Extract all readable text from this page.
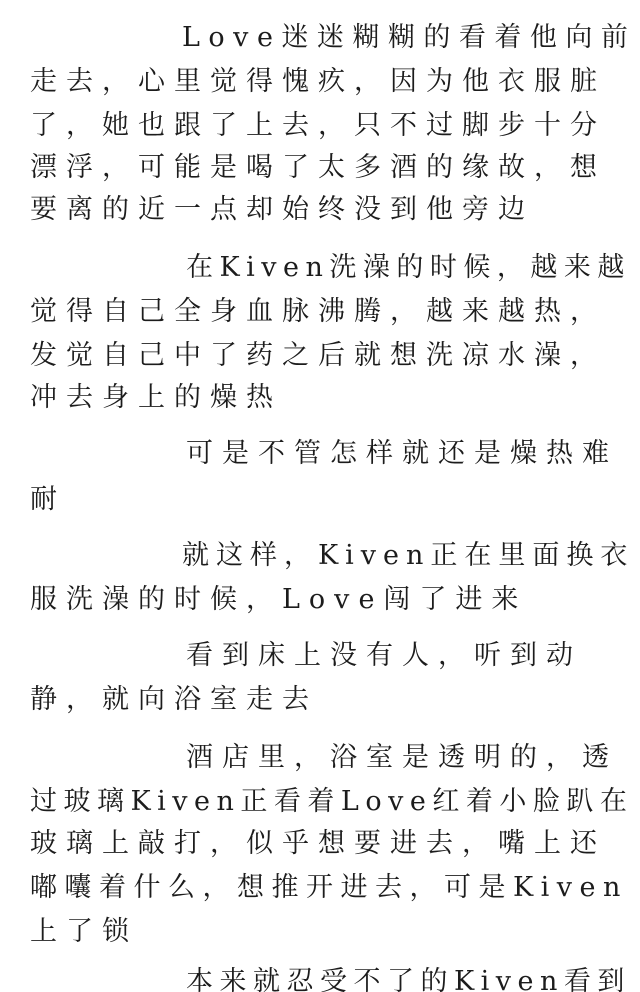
Love迷迷糊糊的看着他向前
走去，心里觉得愧疚，因为他衣服脏
了，她也跟了上去，只不过脚步十分
漂浮，可能是喝了太多酒的缘故，想
要离的近一点却始终没到他旁边
在Kiven洗澡的时候，越来越
觉得自己全身血脉沸腾，越来越热，
发觉自己中了药之后就想洗凉水澡，
冲去身上的燥热
可是不管怎样就还是燥热难
耐
就这样，Kiven正在里面换衣
服洗澡的时候，Love闯了进来
看到床上没有人，听到动
静，就向浴室走去
酒店里，浴室是透明的，透
过玻璃Kiven正看着Love红着小脸趴在
玻璃上敲打，似乎想要进去，嘴上还
嘟囔着什么，想推开进去，可是Kiven
上了锁
本来就忍受不了的Kiven看到
